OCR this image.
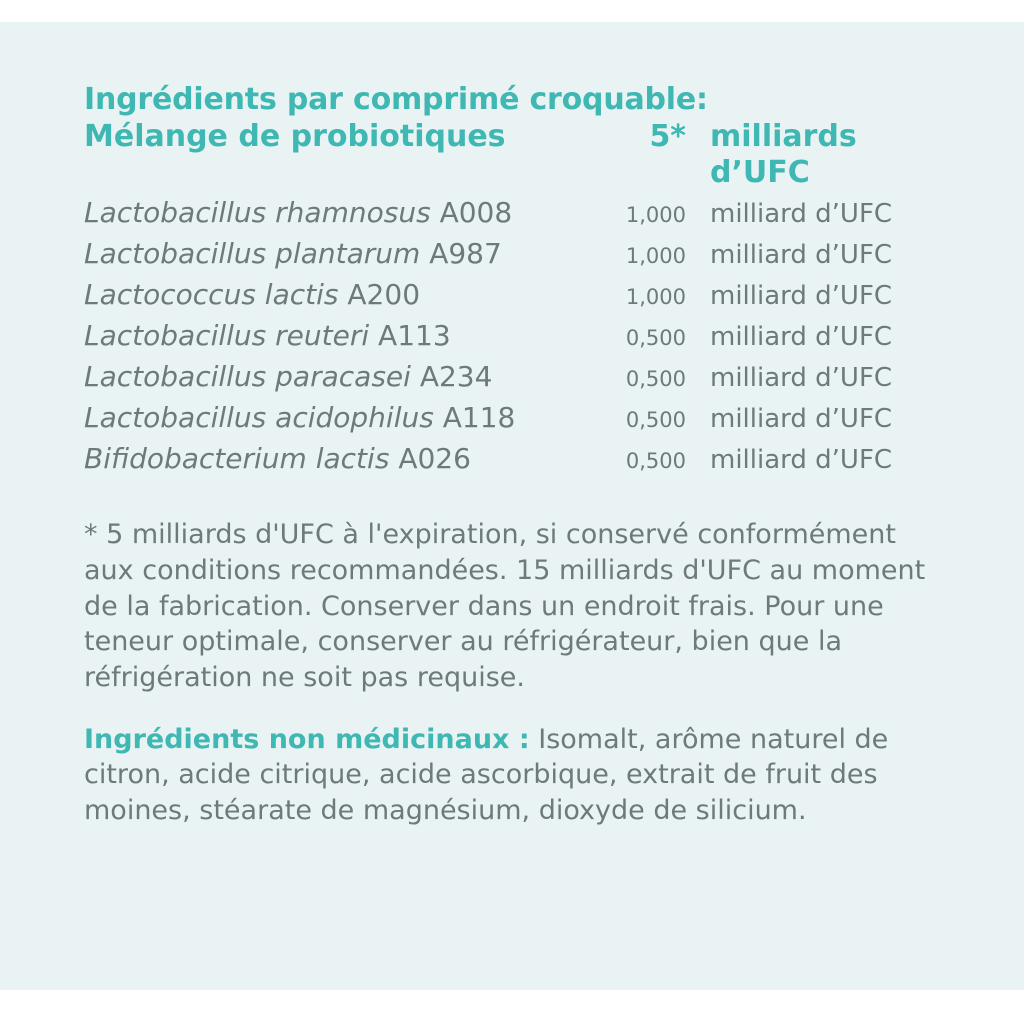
Ingrédients par comprimé croquable:
Mélange de probiotiques	5* milliards d’UFC
Lactobacillus rhamnosus A008	1,000 milliard d’UFC
Lactobacillus plantarum A987	1,000 milliard d’UFC
Lactococcus lactis A200	1,000 milliard d’UFC
Lactobacillus reuteri A113	0,500 milliard d’UFC
Lactobacillus paracasei A234	0,500 milliard d’UFC
Lactobacillus acidophilus A118	0,500 milliard d’UFC
Bifidobacterium lactis A026	0,500 milliard d’UFC
* 5 milliards d'UFC à l'expiration, si conservé conformément aux conditions recommandées. 15 milliards d'UFC au moment de la fabrication. Conserver dans un endroit frais. Pour une teneur optimale, conserver au réfrigérateur, bien que la réfrigération ne soit pas requise.
Ingrédients non médicinaux : Isomalt, arôme naturel de citron, acide citrique, acide ascorbique, extrait de fruit des moines, stéarate de magnésium, dioxyde de silicium.
